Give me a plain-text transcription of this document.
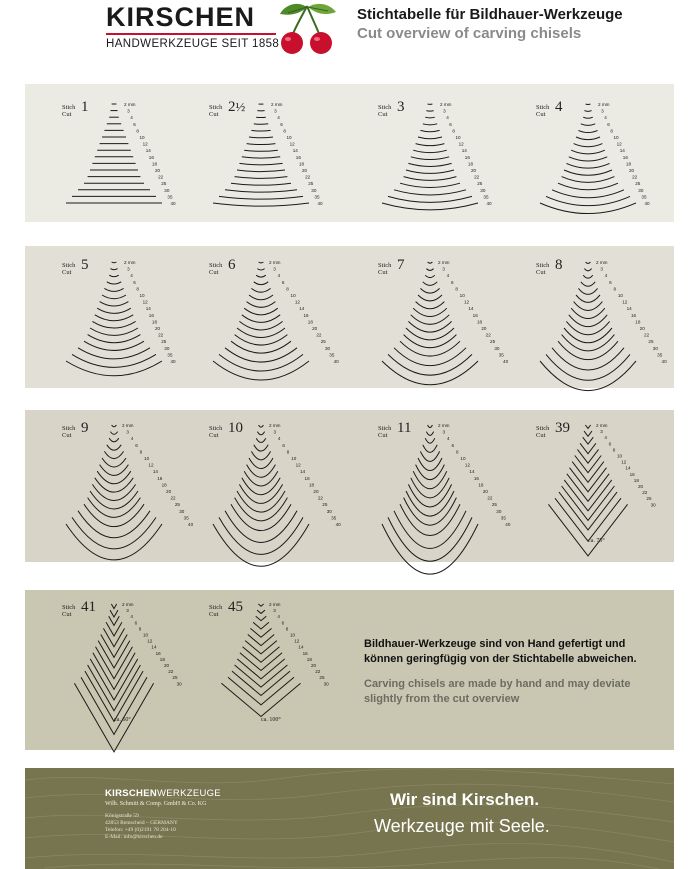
KIRSCHEN
HANDWERKZEUGE SEIT 1858
Stichtabelle für Bildhauer-Werkzeuge
Cut overview of carving chisels
Bildhauer-Werkzeuge sind von Hand gefertigt und können geringfügig von der Stichtabelle abweichen.
Carving chisels are made by hand and may deviate slightly from the cut overview
Stich
Cut 1	2 mm
3
4
6
8
10
12
14
16
18
20
22
25
30
35
40
Stich
Cut 2½	2 mm
3
4
6
8
10
12
14
16
18
20
22
25
30
35
40
Stich
Cut 3	2 mm
3
4
6
8
10
12
14
16
18
20
22
25
30
35
40
Stich
Cut 4	2 mm
3
4
6
8
10
12
14
16
18
20
22
25
30
35
40
Stich
Cut 5	2 mm
3
4
6
8
10
12
14
16
18
20
22
25
30
35
40
Stich
Cut 6	2 mm
3
4
6
8
10
12
14
16
18
20
22
25
30
35
40
Stich
Cut 7	2 mm
3
4
6
8
10
12
14
16
18
20
22
25
30
35
40
Stich
Cut 8	2 mm
3
4
6
8
10
12
14
16
18
20
22
25
30
35
40
Stich
Cut 9	2 mm
3
4
6
8
10
12
14
16
18
20
22
25
30
35
40
Stich
Cut 10	2 mm
3
4
6
8
10
12
14
16
18
20
22
25
30
35
40
Stich
Cut 11	2 mm
3
4
6
8
10
12
14
16
18
20
22
25
30
35
40
Stich
Cut 39	2 mm
3
4
6
8
10
12
14
16
18
20
22
25
30
ca. 75°
Stich
Cut 41	2 mm
3
4
6
8
10
12
14
16
18
20
22
25
30
ca. 60°
Stich
Cut 45	2 mm
3
4
6
8
10
12
14
16
18
20
22
25
30
ca. 100°
KIRSCHENWERKZEUGE
Wilh. Schmitt & Comp. GmbH & Co. KG
Königstraße 59
42853 Remscheid – GERMANY
Telefon: +49 (0)2191 78 204-10
E-Mail: info@kirschen.de
Wir sind Kirschen.
Werkzeuge mit Seele.
